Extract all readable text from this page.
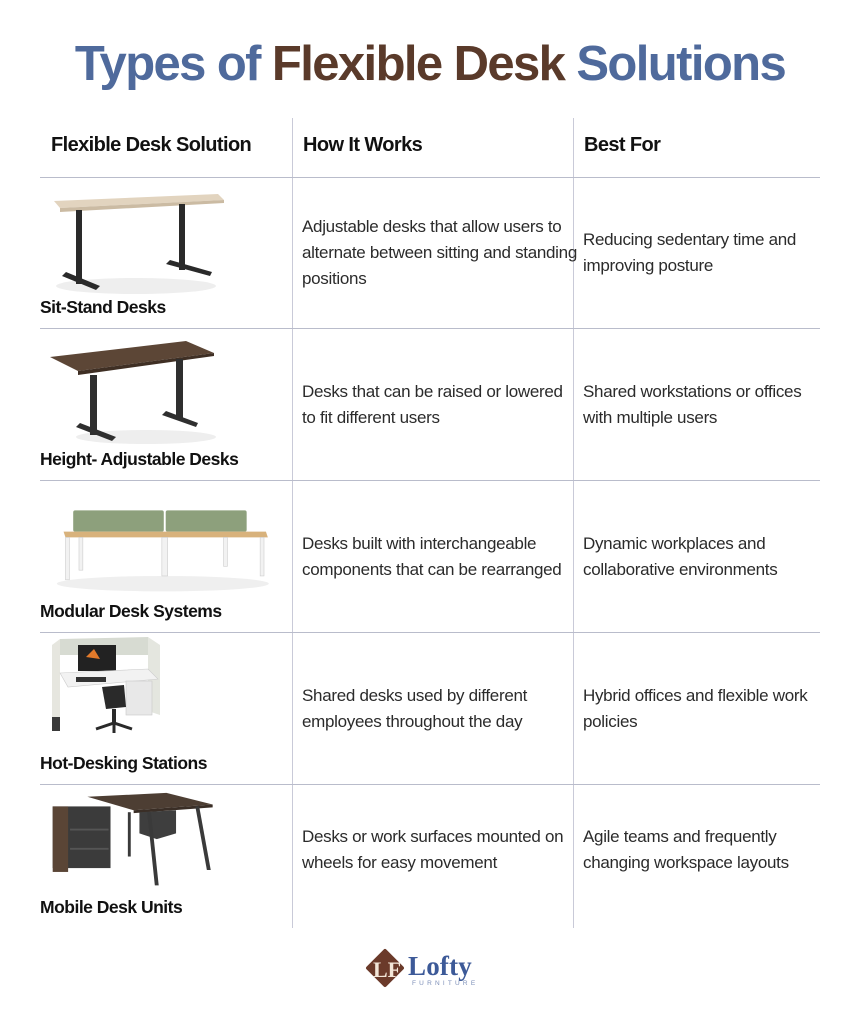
Types of Flexible Desk Solutions
Flexible Desk Solution	How It Works	Best For
Sit-Stand Desks
Adjustable desks that allow users to alternate between sitting and standing positions
Reducing sedentary time and improving posture
Height- Adjustable Desks
Desks that can be raised or lowered to fit different users
Shared workstations or offices with multiple users
Modular Desk Systems
Desks built with interchangeable components that can be rearranged
Dynamic workplaces and collaborative environments
Hot-Desking Stations
Shared desks used by different employees throughout the day
Hybrid offices and flexible work policies
Mobile Desk Units
Desks or work surfaces mounted on wheels for easy movement
Agile teams and frequently changing workspace layouts
LF Lofty
FURNITURE
